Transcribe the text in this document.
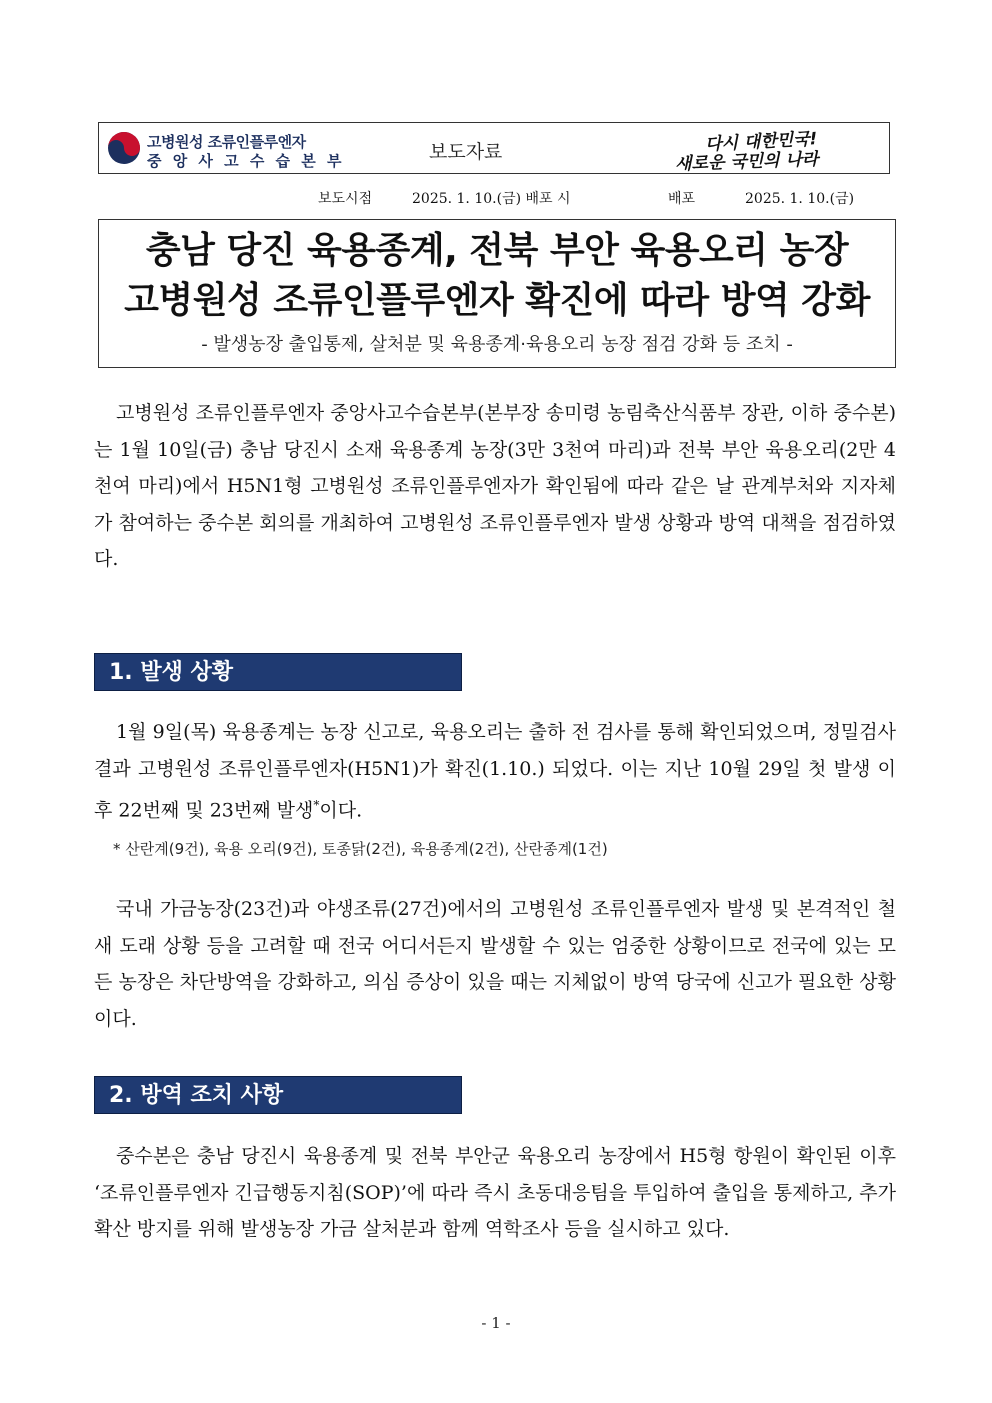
고병원성 조류인플루엔자
중 앙 사 고 수 습 본 부	보도자료	다시 대한민국!
새로운 국민의 나라
보도시점	2025. 1. 10.(금) 배포 시	배포	2025. 1. 10.(금)
충남 당진 육용종계, 전북 부안 육용오리 농장
고병원성 조류인플루엔자 확진에 따라 방역 강화
- 발생농장 출입통제, 살처분 및 육용종계·육용오리 농장 점검 강화 등 조치 -

고병원성 조류인플루엔자 중앙사고수습본부(본부장 송미령 농림축산식품부 장관, 이하 중수본)는 1월 10일(금) 충남 당진시 소재 육용종계 농장(3만 3천여 마리)과 전북 부안 육용오리(2만 4천여 마리)에서 H5N1형 고병원성 조류인플루엔자가 확인됨에 따라 같은 날 관계부처와 지자체가 참여하는 중수본 회의를 개최하여 고병원성 조류인플루엔자 발생 상황과 방역 대책을 점검하였다.

1. 발생 상황

1월 9일(목) 육용종계는 농장 신고로, 육용오리는 출하 전 검사를 통해 확인되었으며, 정밀검사 결과 고병원성 조류인플루엔자(H5N1)가 확진(1.10.) 되었다. 이는 지난 10월 29일 첫 발생 이후 22번째 및 23번째 발생*이다.

* 산란계(9건), 육용 오리(9건), 토종닭(2건), 육용종계(2건), 산란종계(1건)

국내 가금농장(23건)과 야생조류(27건)에서의 고병원성 조류인플루엔자 발생 및 본격적인 철새 도래 상황 등을 고려할 때 전국 어디서든지 발생할 수 있는 엄중한 상황이므로 전국에 있는 모든 농장은 차단방역을 강화하고, 의심 증상이 있을 때는 지체없이 방역 당국에 신고가 필요한 상황이다.

2. 방역 조치 사항

중수본은 충남 당진시 육용종계 및 전북 부안군 육용오리 농장에서 H5형 항원이 확인된 이후 ‘조류인플루엔자 긴급행동지침(SOP)’에 따라 즉시 초동대응팀을 투입하여 출입을 통제하고, 추가확산 방지를 위해 발생농장 가금 살처분과 함께 역학조사 등을 실시하고 있다.

- 1 -
